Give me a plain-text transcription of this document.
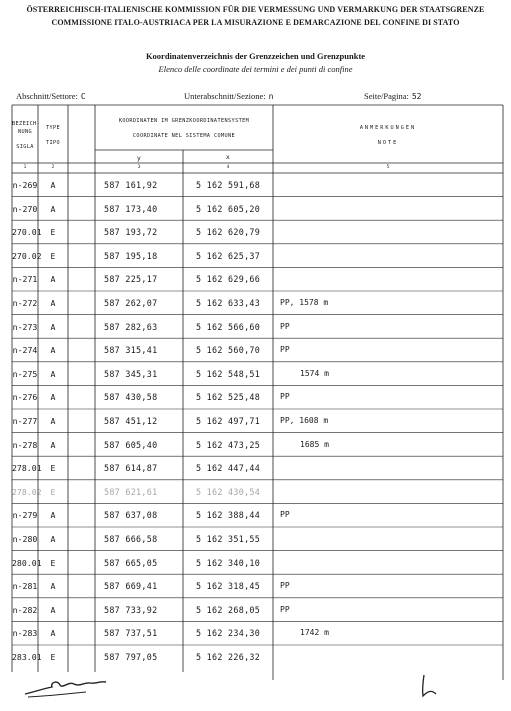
ÖSTERREICHISCH-ITALIENISCHE KOMMISSION FÜR DIE VERMESSUNG UND VERMARKUNG DER STAATSGRENZE
COMMISSIONE ITALO-AUSTRIACA PER LA MISURAZIONE E DEMARCAZIONE DEL CONFINE DI STATO
Koordinatenverzeichnis der Grenzzeichen und Grenzpunkte
Elenco delle coordinate dei termini e dei punti di confine
Abschnitt/Settore: C	Unterabschnitt/Sezione: n	Seite/Pagina: 52
BEZEICH-
NUNG
SIGLA
TYPE
TIPO
KOORDINATEN IM GRENZKOORDINATENSYSTEM
COORDINATE NEL SISTEMA COMUNE
ANMERKUNGEN
NOTE
y	x
1	2	3	4	5
n-269	A	587 161,92	5 162 591,68
n-270	A	587 173,40	5 162 605,20
270.01	E	587 193,72	5 162 620,79
270.02	E	587 195,18	5 162 625,37
n-271	A	587 225,17	5 162 629,66
n-272	A	587 262,07	5 162 633,43	PP, 1578 m
n-273	A	587 282,63	5 162 566,60	PP
n-274	A	587 315,41	5 162 560,70	PP
n-275	A	587 345,31	5 162 548,51	1574 m
n-276	A	587 430,58	5 162 525,48	PP
n-277	A	587 451,12	5 162 497,71	PP, 1608 m
n-278	A	587 605,40	5 162 473,25	1685 m
278.01	E	587 614,87	5 162 447,44
278.02	E	587 621,61	5 162 430,54
n-279	A	587 637,08	5 162 388,44	PP
n-280	A	587 666,58	5 162 351,55
280.01	E	587 665,05	5 162 340,10
n-281	A	587 669,41	5 162 318,45	PP
n-282	A	587 733,92	5 162 268,05	PP
n-283	A	587 737,51	5 162 234,30	1742 m
283.01	E	587 797,05	5 162 226,32
